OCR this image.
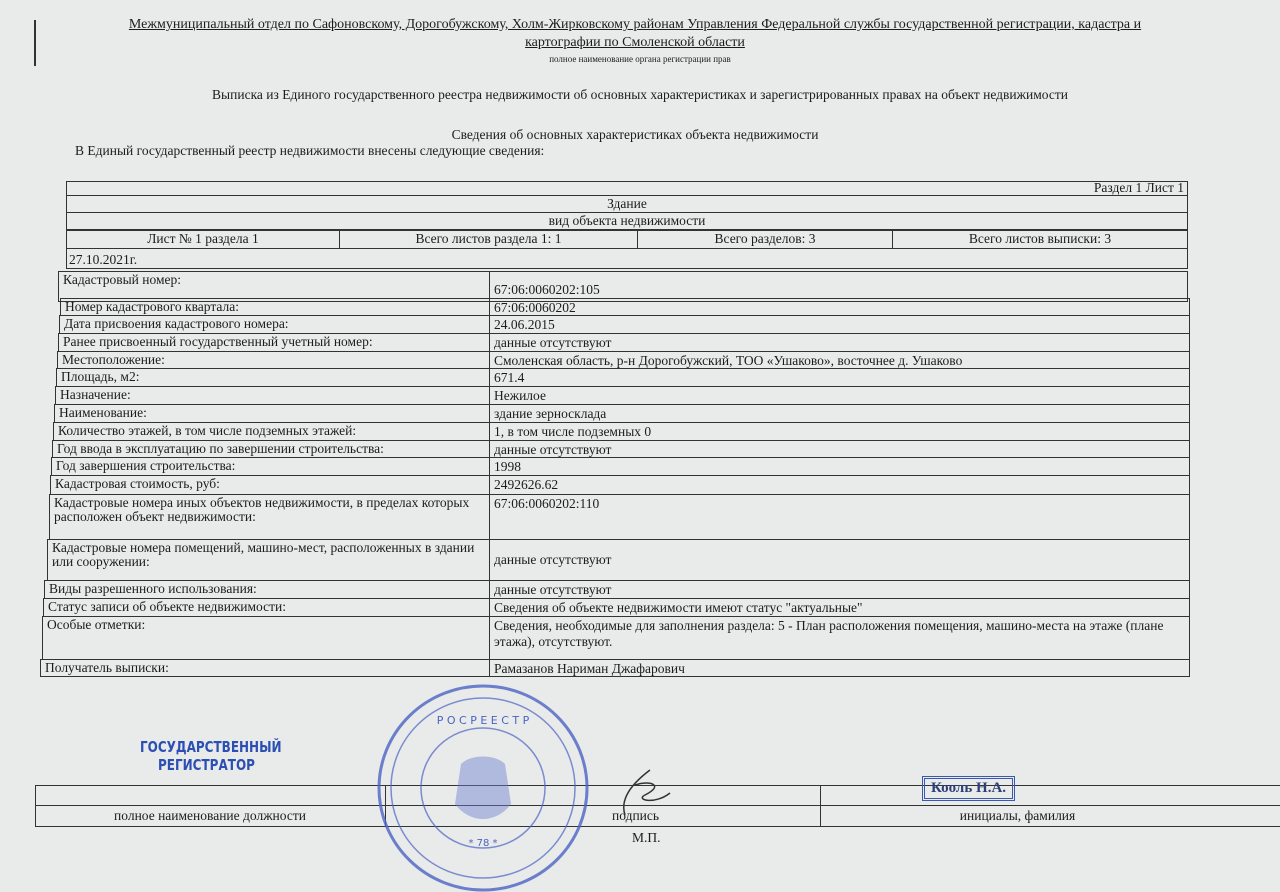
Межмуниципальный отдел по Сафоновскому, Дорогобужскому, Холм-Жирковскому районам Управления Федеральной службы государственной регистрации, кадастра и картографии по Смоленской области
полное наименование органа регистрации прав
Выписка из Единого государственного реестра недвижимости об основных характеристиках и зарегистрированных правах на объект недвижимости
Сведения об основных характеристиках объекта недвижимости
В Единый государственный реестр недвижимости внесены следующие сведения:
Раздел 1 Лист 1
Здание
вид объекта недвижимости
Лист № 1 раздела 1	Всего листов раздела 1: 1	Всего разделов: 3	Всего листов выписки: 3
27.10.2021г.
Кадастровый номер:
67:06:0060202:105
Номер кадастрового квартала:	67:06:0060202
Дата присвоения кадастрового номера:	24.06.2015
Ранее присвоенный государственный учетный номер:	данные отсутствуют
Местоположение:	Смоленская область, р-н Дорогобужский, ТОО «Ушаково», восточнее д. Ушаково
Площадь, м2:	671.4
Назначение:	Нежилое
Наименование:	здание зерносклада
Количество этажей, в том числе подземных этажей:	1, в том числе подземных 0
Год ввода в эксплуатацию по завершении строительства:	данные отсутствуют
Год завершения строительства:	1998
Кадастровая стоимость, руб:	2492626.62
Кадастровые номера иных объектов недвижимости, в пределах которых расположен объект недвижимости:
67:06:0060202:110
Кадастровые номера помещений, машино-мест, расположенных в здании или сооружении:	данные отсутствуют
Виды разрешенного использования:	данные отсутствуют
Статус записи об объекте недвижимости:	Сведения об объекте недвижимости имеют статус "актуальные"
Особые отметки:	Сведения, необходимые для заполнения раздела: 5 - План расположения помещения, машино-места на этаже (плане этажа), отсутствуют.
Получатель выписки:	Рамазанов Нариман Джафарович
ГОСУДАРСТВЕННЫЙ
РЕГИСТРАТОР
полное наименование должности	подпись	инициалы, фамилия
М.П.
Кооль Н.А.
Р О С Р Е Е С Т Р
* 78 *
